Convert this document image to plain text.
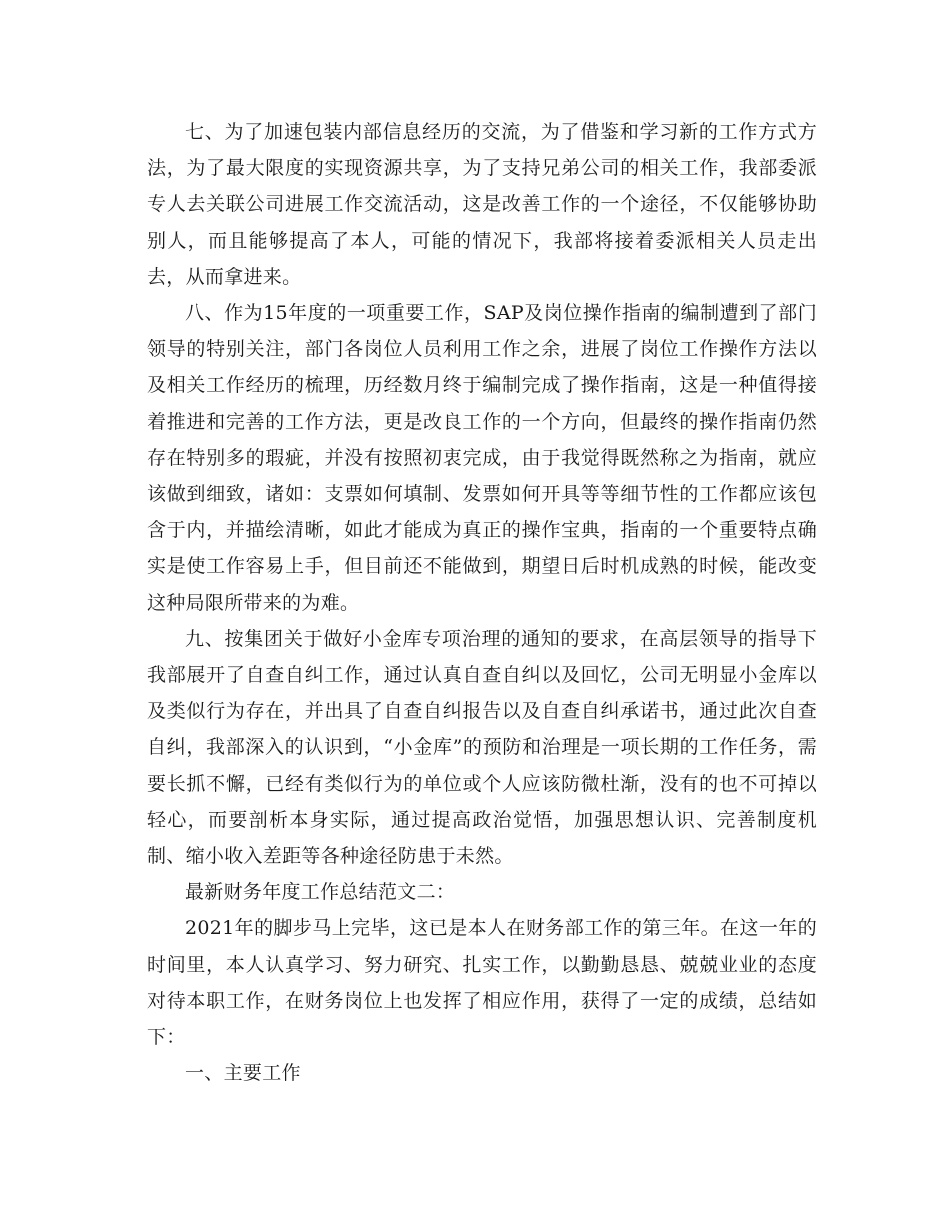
七、为了加速包装内部信息经历的交流，为了借鉴和学习新的工作方式方法，为了最大限度的实现资源共享，为了支持兄弟公司的相关工作，我部委派专人去关联公司进展工作交流活动，这是改善工作的一个途径，不仅能够协助别人，而且能够提高了本人，可能的情况下，我部将接着委派相关人员走出去，从而拿进来。

八、作为15年度的一项重要工作，SAP及岗位操作指南的编制遭到了部门领导的特别关注，部门各岗位人员利用工作之余，进展了岗位工作操作方法以及相关工作经历的梳理，历经数月终于编制完成了操作指南，这是一种值得接着推进和完善的工作方法，更是改良工作的一个方向，但最终的操作指南仍然存在特别多的瑕疵，并没有按照初衷完成，由于我觉得既然称之为指南，就应该做到细致，诸如：支票如何填制、发票如何开具等等细节性的工作都应该包含于内，并描绘清晰，如此才能成为真正的操作宝典，指南的一个重要特点确实是使工作容易上手，但目前还不能做到，期望日后时机成熟的时候，能改变这种局限所带来的为难。

九、按集团关于做好小金库专项治理的通知的要求，在高层领导的指导下我部展开了自查自纠工作，通过认真自查自纠以及回忆，公司无明显小金库以及类似行为存在，并出具了自查自纠报告以及自查自纠承诺书，通过此次自查自纠，我部深入的认识到，“小金库”的预防和治理是一项长期的工作任务，需要长抓不懈，已经有类似行为的单位或个人应该防微杜渐，没有的也不可掉以轻心，而要剖析本身实际，通过提高政治觉悟，加强思想认识、完善制度机制、缩小收入差距等各种途径防患于未然。

最新财务年度工作总结范文二：

2021年的脚步马上完毕，这已是本人在财务部工作的第三年。在这一年的时间里，本人认真学习、努力研究、扎实工作，以勤勤恳恳、兢兢业业的态度对待本职工作，在财务岗位上也发挥了相应作用，获得了一定的成绩，总结如下：

一、主要工作
